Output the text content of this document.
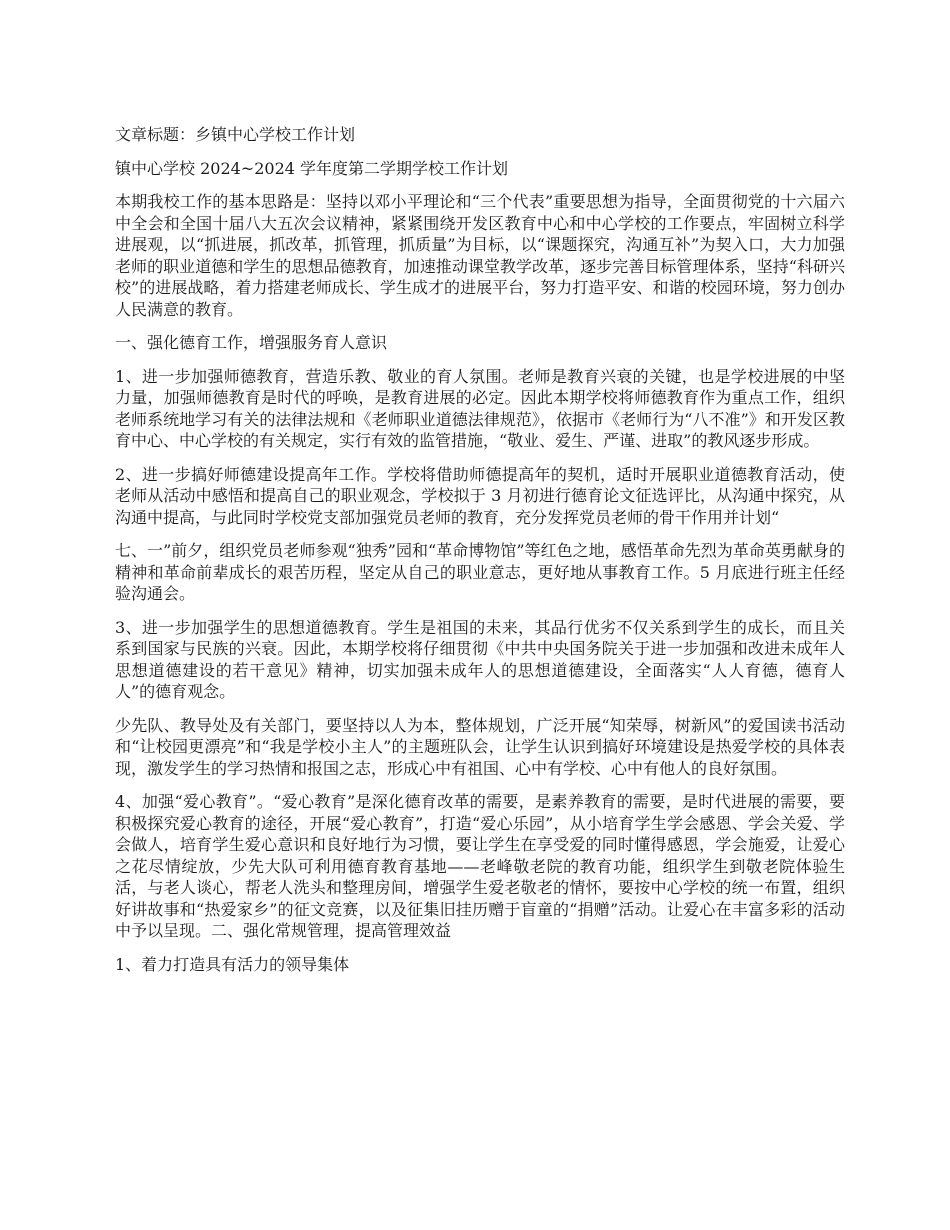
文章标题：乡镇中心学校工作计划

镇中心学校 2024~2024 学年度第二学期学校工作计划

本期我校工作的基本思路是：坚持以邓小平理论和“三个代表”重要思想为指导，全面贯彻党的十六届六中全会和全国十届八大五次会议精神，紧紧围绕开发区教育中心和中心学校的工作要点，牢固树立科学进展观，以“抓进展，抓改革，抓管理，抓质量”为目标，以“课题探究，沟通互补”为契入口，大力加强老师的职业道德和学生的思想品德教育，加速推动课堂教学改革，逐步完善目标管理体系，坚持“科研兴校”的进展战略，着力搭建老师成长、学生成才的进展平台，努力打造平安、和谐的校园环境，努力创办人民满意的教育。

一、强化德育工作，增强服务育人意识

1、进一步加强师德教育，营造乐教、敬业的育人氛围。老师是教育兴衰的关键，也是学校进展的中坚力量，加强师德教育是时代的呼唤，是教育进展的必定。因此本期学校将师德教育作为重点工作，组织老师系统地学习有关的法律法规和《老师职业道德法律规范》，依据市《老师行为“八不准”》和开发区教育中心、中心学校的有关规定，实行有效的监管措施，“敬业、爱生、严谨、进取”的教风逐步形成。

2、进一步搞好师德建设提高年工作。学校将借助师德提高年的契机，适时开展职业道德教育活动，使老师从活动中感悟和提高自己的职业观念，学校拟于 3 月初进行德育论文征选评比，从沟通中探究，从沟通中提高，与此同时学校党支部加强党员老师的教育，充分发挥党员老师的骨干作用并计划“

七、一”前夕，组织党员老师参观“独秀”园和“革命博物馆”等红色之地，感悟革命先烈为革命英勇献身的精神和革命前辈成长的艰苦历程，坚定从自己的职业意志，更好地从事教育工作。5 月底进行班主任经验沟通会。

3、进一步加强学生的思想道德教育。学生是祖国的未来，其品行优劣不仅关系到学生的成长，而且关系到国家与民族的兴衰。因此，本期学校将仔细贯彻《中共中央国务院关于进一步加强和改进未成年人思想道德建设的若干意见》精神，切实加强未成年人的思想道德建设，全面落实“人人育德，德育人人”的德育观念。

少先队、教导处及有关部门，要坚持以人为本，整体规划，广泛开展“知荣辱，树新风”的爱国读书活动和“让校园更漂亮”和“我是学校小主人”的主题班队会，让学生认识到搞好环境建设是热爱学校的具体表现，激发学生的学习热情和报国之志，形成心中有祖国、心中有学校、心中有他人的良好氛围。

4、加强“爱心教育”。“爱心教育”是深化德育改革的需要，是素养教育的需要，是时代进展的需要，要积极探究爱心教育的途径，开展“爱心教育”，打造“爱心乐园”，从小培育学生学会感恩、学会关爱、学会做人，培育学生爱心意识和良好地行为习惯，要让学生在享受爱的同时懂得感恩，学会施爱，让爱心之花尽情绽放，少先大队可利用德育教育基地——老峰敬老院的教育功能，组织学生到敬老院体验生活，与老人谈心，帮老人洗头和整理房间，增强学生爱老敬老的情怀，要按中心学校的统一布置，组织好讲故事和“热爱家乡”的征文竞赛，以及征集旧挂历赠于盲童的“捐赠”活动。让爱心在丰富多彩的活动中予以呈现。二、强化常规管理，提高管理效益

1、着力打造具有活力的领导集体
